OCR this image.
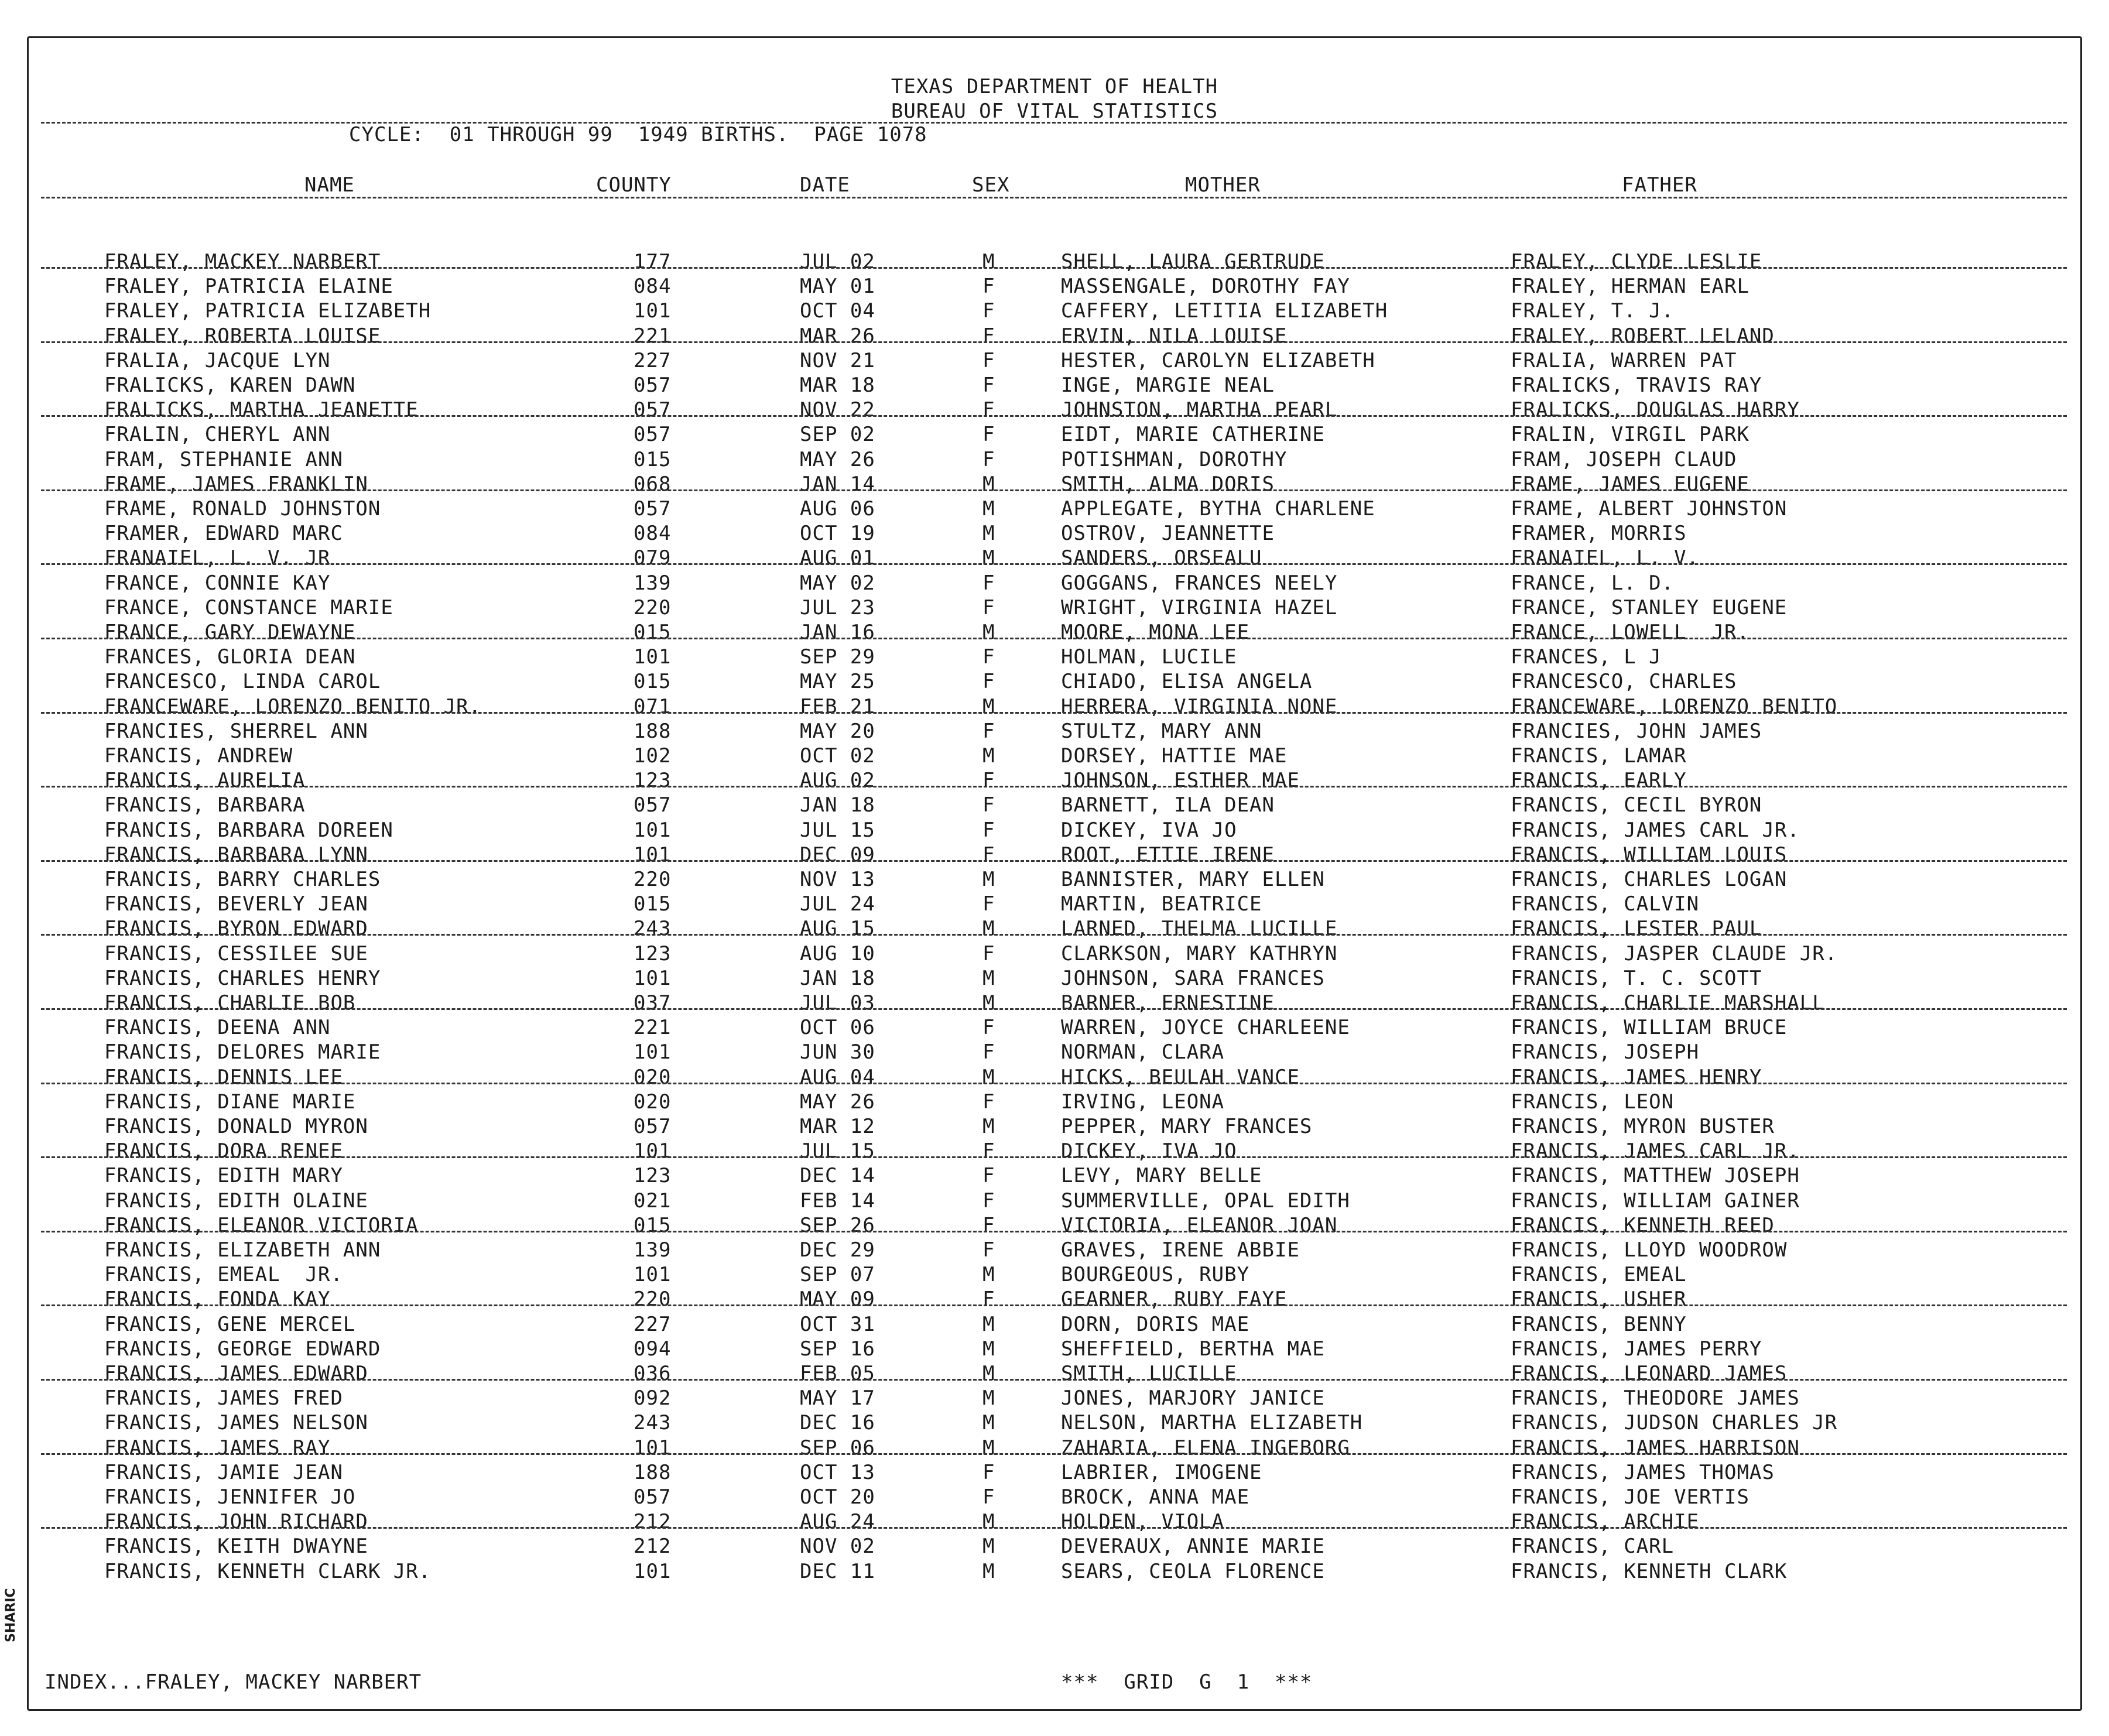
SHARIC
TEXAS DEPARTMENT OF HEALTH
BUREAU OF VITAL STATISTICS
CYCLE:  01 THROUGH 99  1949 BIRTHS.  PAGE 1078
NAME	COUNTY	DATE	SEX	MOTHER	FATHER
FRALEY, MACKEY NARBERT	177	JUL 02	M	SHELL, LAURA GERTRUDE	FRALEY, CLYDE LESLIE
FRALEY, PATRICIA ELAINE	084	MAY 01	F	MASSENGALE, DOROTHY FAY	FRALEY, HERMAN EARL
FRALEY, PATRICIA ELIZABETH	101	OCT 04	F	CAFFERY, LETITIA ELIZABETH	FRALEY, T. J.
FRALEY, ROBERTA LOUISE	221	MAR 26	F	ERVIN, NILA LOUISE	FRALEY, ROBERT LELAND
FRALIA, JACQUE LYN	227	NOV 21	F	HESTER, CAROLYN ELIZABETH	FRALIA, WARREN PAT
FRALICKS, KAREN DAWN	057	MAR 18	F	INGE, MARGIE NEAL	FRALICKS, TRAVIS RAY
FRALICKS, MARTHA JEANETTE	057	NOV 22	F	JOHNSTON, MARTHA PEARL	FRALICKS, DOUGLAS HARRY
FRALIN, CHERYL ANN	057	SEP 02	F	EIDT, MARIE CATHERINE	FRALIN, VIRGIL PARK
FRAM, STEPHANIE ANN	015	MAY 26	F	POTISHMAN, DOROTHY	FRAM, JOSEPH CLAUD
FRAME, JAMES FRANKLIN	068	JAN 14	M	SMITH, ALMA DORIS	FRAME, JAMES EUGENE
FRAME, RONALD JOHNSTON	057	AUG 06	M	APPLEGATE, BYTHA CHARLENE	FRAME, ALBERT JOHNSTON
FRAMER, EDWARD MARC	084	OCT 19	M	OSTROV, JEANNETTE	FRAMER, MORRIS
FRANAIEL, L. V. JR	079	AUG 01	M	SANDERS, ORSEALU	FRANAIEL, L. V.
FRANCE, CONNIE KAY	139	MAY 02	F	GOGGANS, FRANCES NEELY	FRANCE, L. D.
FRANCE, CONSTANCE MARIE	220	JUL 23	F	WRIGHT, VIRGINIA HAZEL	FRANCE, STANLEY EUGENE
FRANCE, GARY DEWAYNE	015	JAN 16	M	MOORE, MONA LEE	FRANCE, LOWELL  JR.
FRANCES, GLORIA DEAN	101	SEP 29	F	HOLMAN, LUCILE	FRANCES, L J
FRANCESCO, LINDA CAROL	015	MAY 25	F	CHIADO, ELISA ANGELA	FRANCESCO, CHARLES
FRANCEWARE, LORENZO BENITO JR.	071	FEB 21	M	HERRERA, VIRGINIA NONE	FRANCEWARE, LORENZO BENITO
FRANCIES, SHERREL ANN	188	MAY 20	F	STULTZ, MARY ANN	FRANCIES, JOHN JAMES
FRANCIS, ANDREW	102	OCT 02	M	DORSEY, HATTIE MAE	FRANCIS, LAMAR
FRANCIS, AURELIA	123	AUG 02	F	JOHNSON, ESTHER MAE	FRANCIS, EARLY
FRANCIS, BARBARA	057	JAN 18	F	BARNETT, ILA DEAN	FRANCIS, CECIL BYRON
FRANCIS, BARBARA DOREEN	101	JUL 15	F	DICKEY, IVA JO	FRANCIS, JAMES CARL JR.
FRANCIS, BARBARA LYNN	101	DEC 09	F	ROOT, ETTIE IRENE	FRANCIS, WILLIAM LOUIS
FRANCIS, BARRY CHARLES	220	NOV 13	M	BANNISTER, MARY ELLEN	FRANCIS, CHARLES LOGAN
FRANCIS, BEVERLY JEAN	015	JUL 24	F	MARTIN, BEATRICE	FRANCIS, CALVIN
FRANCIS, BYRON EDWARD	243	AUG 15	M	LARNED, THELMA LUCILLE	FRANCIS, LESTER PAUL
FRANCIS, CESSILEE SUE	123	AUG 10	F	CLARKSON, MARY KATHRYN	FRANCIS, JASPER CLAUDE JR.
FRANCIS, CHARLES HENRY	101	JAN 18	M	JOHNSON, SARA FRANCES	FRANCIS, T. C. SCOTT
FRANCIS, CHARLIE BOB	037	JUL 03	M	BARNER, ERNESTINE	FRANCIS, CHARLIE MARSHALL
FRANCIS, DEENA ANN	221	OCT 06	F	WARREN, JOYCE CHARLEENE	FRANCIS, WILLIAM BRUCE
FRANCIS, DELORES MARIE	101	JUN 30	F	NORMAN, CLARA	FRANCIS, JOSEPH
FRANCIS, DENNIS LEE	020	AUG 04	M	HICKS, BEULAH VANCE	FRANCIS, JAMES HENRY
FRANCIS, DIANE MARIE	020	MAY 26	F	IRVING, LEONA	FRANCIS, LEON
FRANCIS, DONALD MYRON	057	MAR 12	M	PEPPER, MARY FRANCES	FRANCIS, MYRON BUSTER
FRANCIS, DORA RENEE	101	JUL 15	F	DICKEY, IVA JO	FRANCIS, JAMES CARL JR.
FRANCIS, EDITH MARY	123	DEC 14	F	LEVY, MARY BELLE	FRANCIS, MATTHEW JOSEPH
FRANCIS, EDITH OLAINE	021	FEB 14	F	SUMMERVILLE, OPAL EDITH	FRANCIS, WILLIAM GAINER
FRANCIS, ELEANOR VICTORIA	015	SEP 26	F	VICTORIA, ELEANOR JOAN	FRANCIS, KENNETH REED
FRANCIS, ELIZABETH ANN	139	DEC 29	F	GRAVES, IRENE ABBIE	FRANCIS, LLOYD WOODROW
FRANCIS, EMEAL  JR.	101	SEP 07	M	BOURGEOUS, RUBY	FRANCIS, EMEAL
FRANCIS, FONDA KAY	220	MAY 09	F	GEARNER, RUBY FAYE	FRANCIS, USHER
FRANCIS, GENE MERCEL	227	OCT 31	M	DORN, DORIS MAE	FRANCIS, BENNY
FRANCIS, GEORGE EDWARD	094	SEP 16	M	SHEFFIELD, BERTHA MAE	FRANCIS, JAMES PERRY
FRANCIS, JAMES EDWARD	036	FEB 05	M	SMITH, LUCILLE	FRANCIS, LEONARD JAMES
FRANCIS, JAMES FRED	092	MAY 17	M	JONES, MARJORY JANICE	FRANCIS, THEODORE JAMES
FRANCIS, JAMES NELSON	243	DEC 16	M	NELSON, MARTHA ELIZABETH	FRANCIS, JUDSON CHARLES JR
FRANCIS, JAMES RAY	101	SEP 06	M	ZAHARIA, ELENA INGEBORG	FRANCIS, JAMES HARRISON
FRANCIS, JAMIE JEAN	188	OCT 13	F	LABRIER, IMOGENE	FRANCIS, JAMES THOMAS
FRANCIS, JENNIFER JO	057	OCT 20	F	BROCK, ANNA MAE	FRANCIS, JOE VERTIS
FRANCIS, JOHN RICHARD	212	AUG 24	M	HOLDEN, VIOLA	FRANCIS, ARCHIE
FRANCIS, KEITH DWAYNE	212	NOV 02	M	DEVERAUX, ANNIE MARIE	FRANCIS, CARL
FRANCIS, KENNETH CLARK JR.	101	DEC 11	M	SEARS, CEOLA FLORENCE	FRANCIS, KENNETH CLARK
INDEX...FRALEY, MACKEY NARBERT	***  GRID  G  1  ***
